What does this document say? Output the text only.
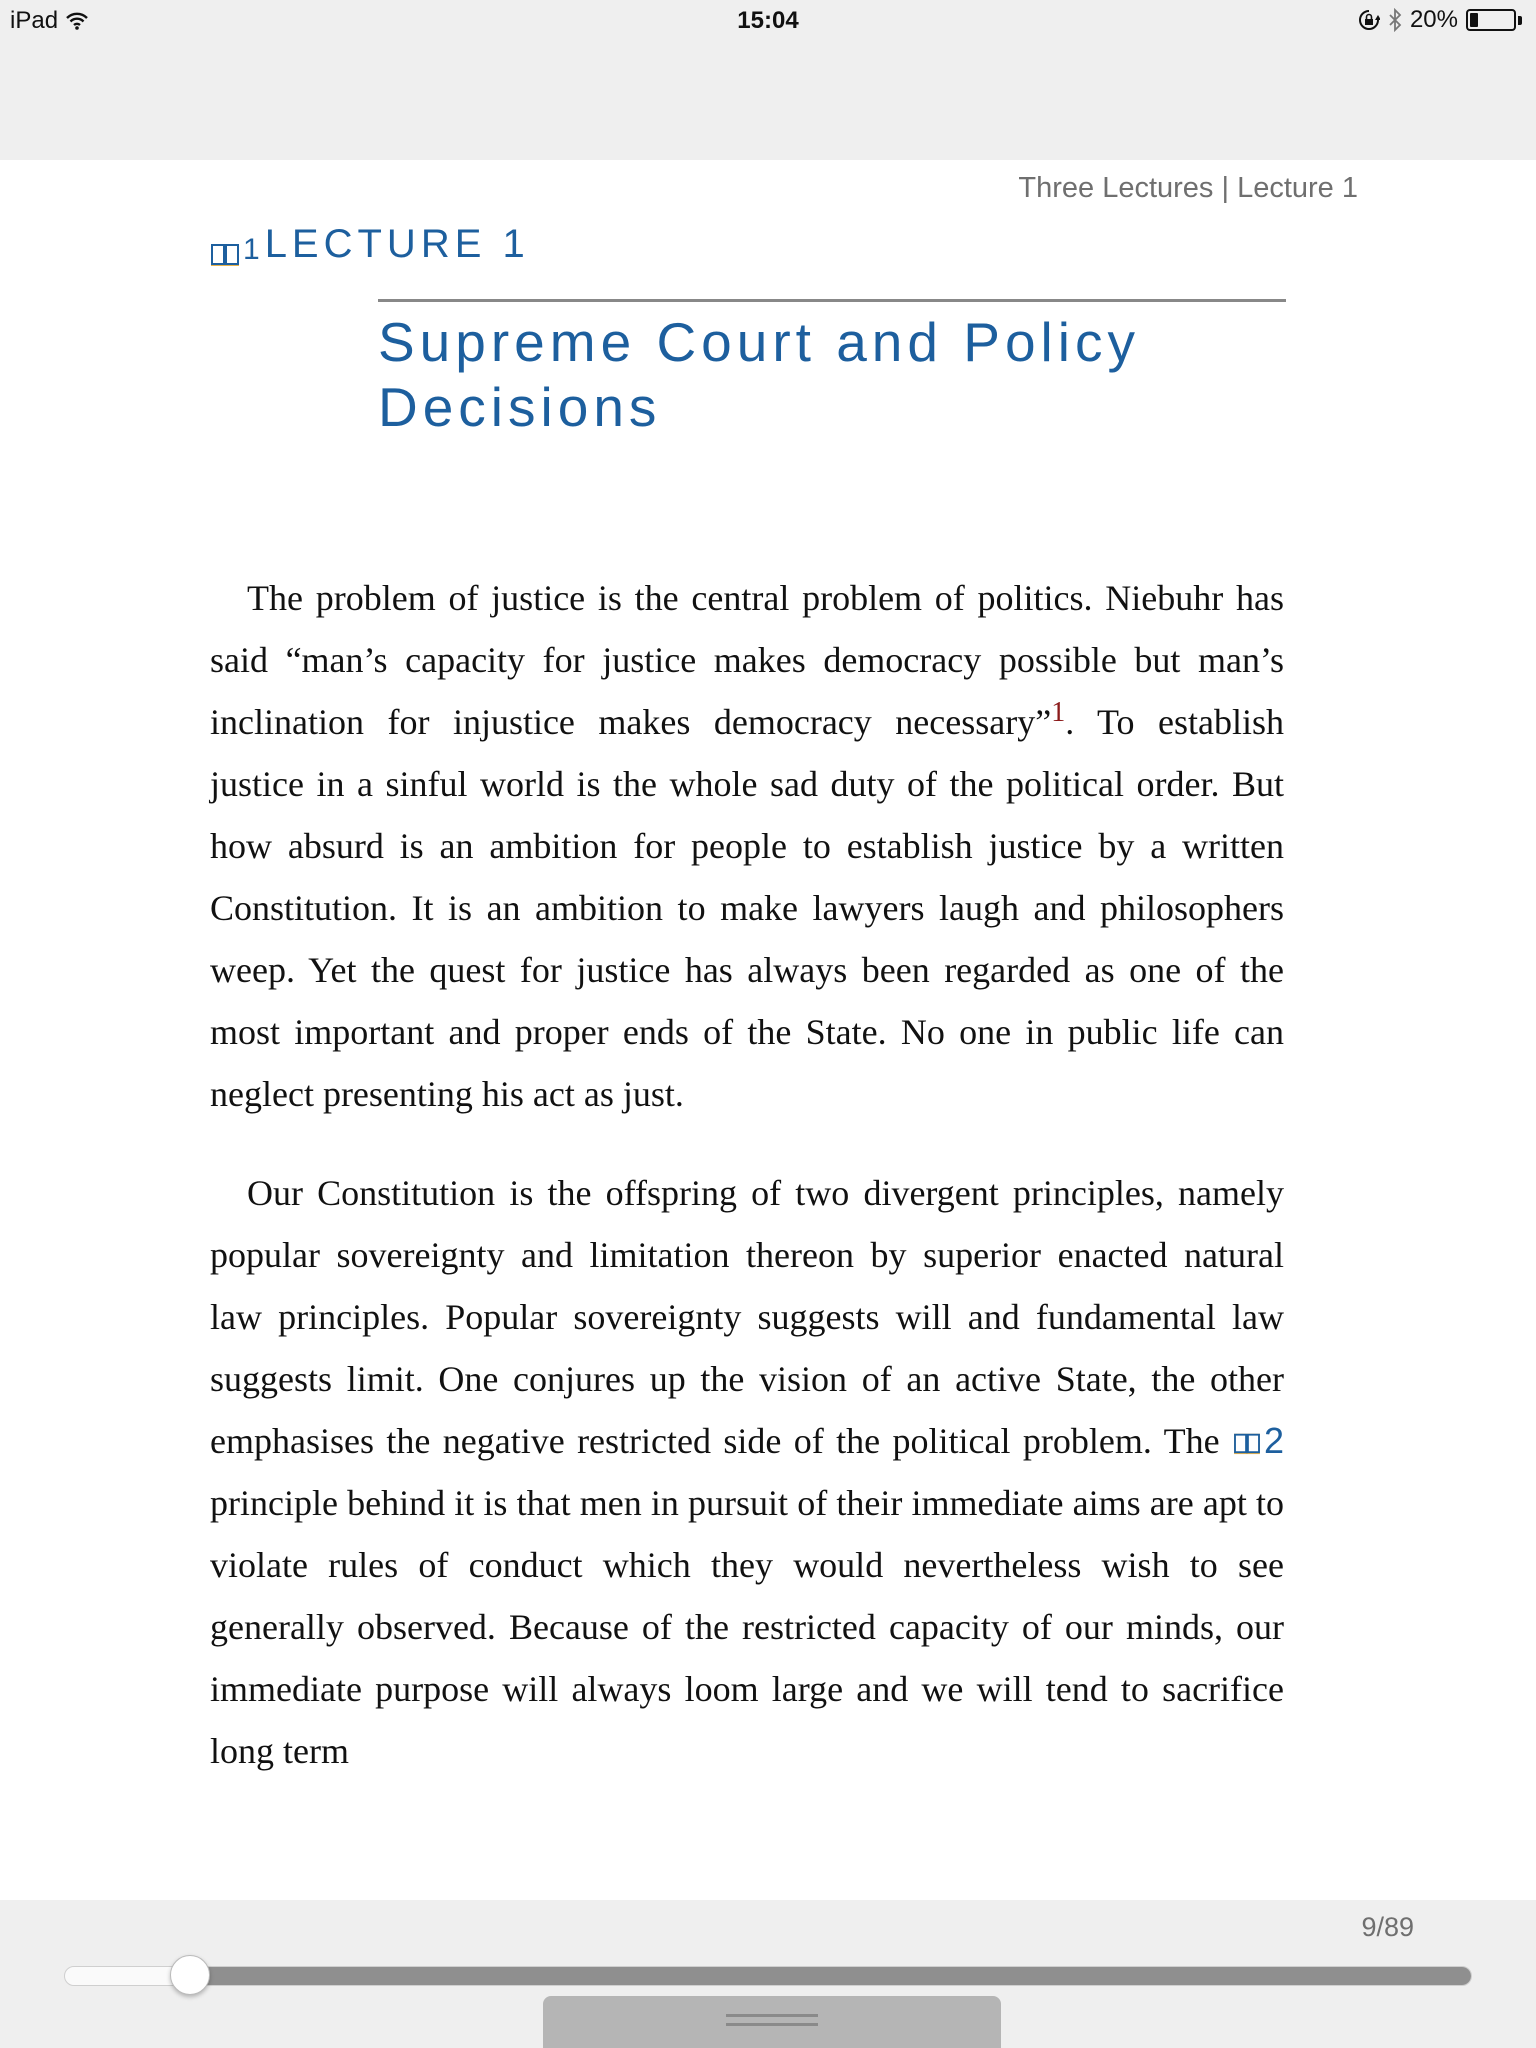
iPad	15:04	20%
Three Lectures | Lecture 1
1 LECTURE 1
Supreme Court and Policy Decisions

The problem of justice is the central problem of politics. Niebuhr has said “man’s capacity for justice makes democracy possible but man’s inclination for injustice makes democracy necessary”$^1$. To establish justice in a sinful world is the whole sad duty of the political order. But how absurd is an ambition for people to establish justice by a written Constitution. It is an ambition to make lawyers laugh and philosophers weep. Yet the quest for justice has always been regarded as one of the most important and proper ends of the State. No one in public life can neglect presenting his act as just.

Our Constitution is the offspring of two divergent principles, namely popular sovereignty and limitation thereon by superior enacted natural law principles. Popular sovereignty suggests will and fundamental law suggests limit. One conjures up the vision of an active State, the other emphasises the negative restricted side of the political problem. The 2 principle behind it is that men in pursuit of their immediate aims are apt to violate rules of conduct which they would nevertheless wish to see generally observed. Because of the restricted capacity of our minds, our immediate purpose will always loom large and we will tend to sacrifice long term

9/89
